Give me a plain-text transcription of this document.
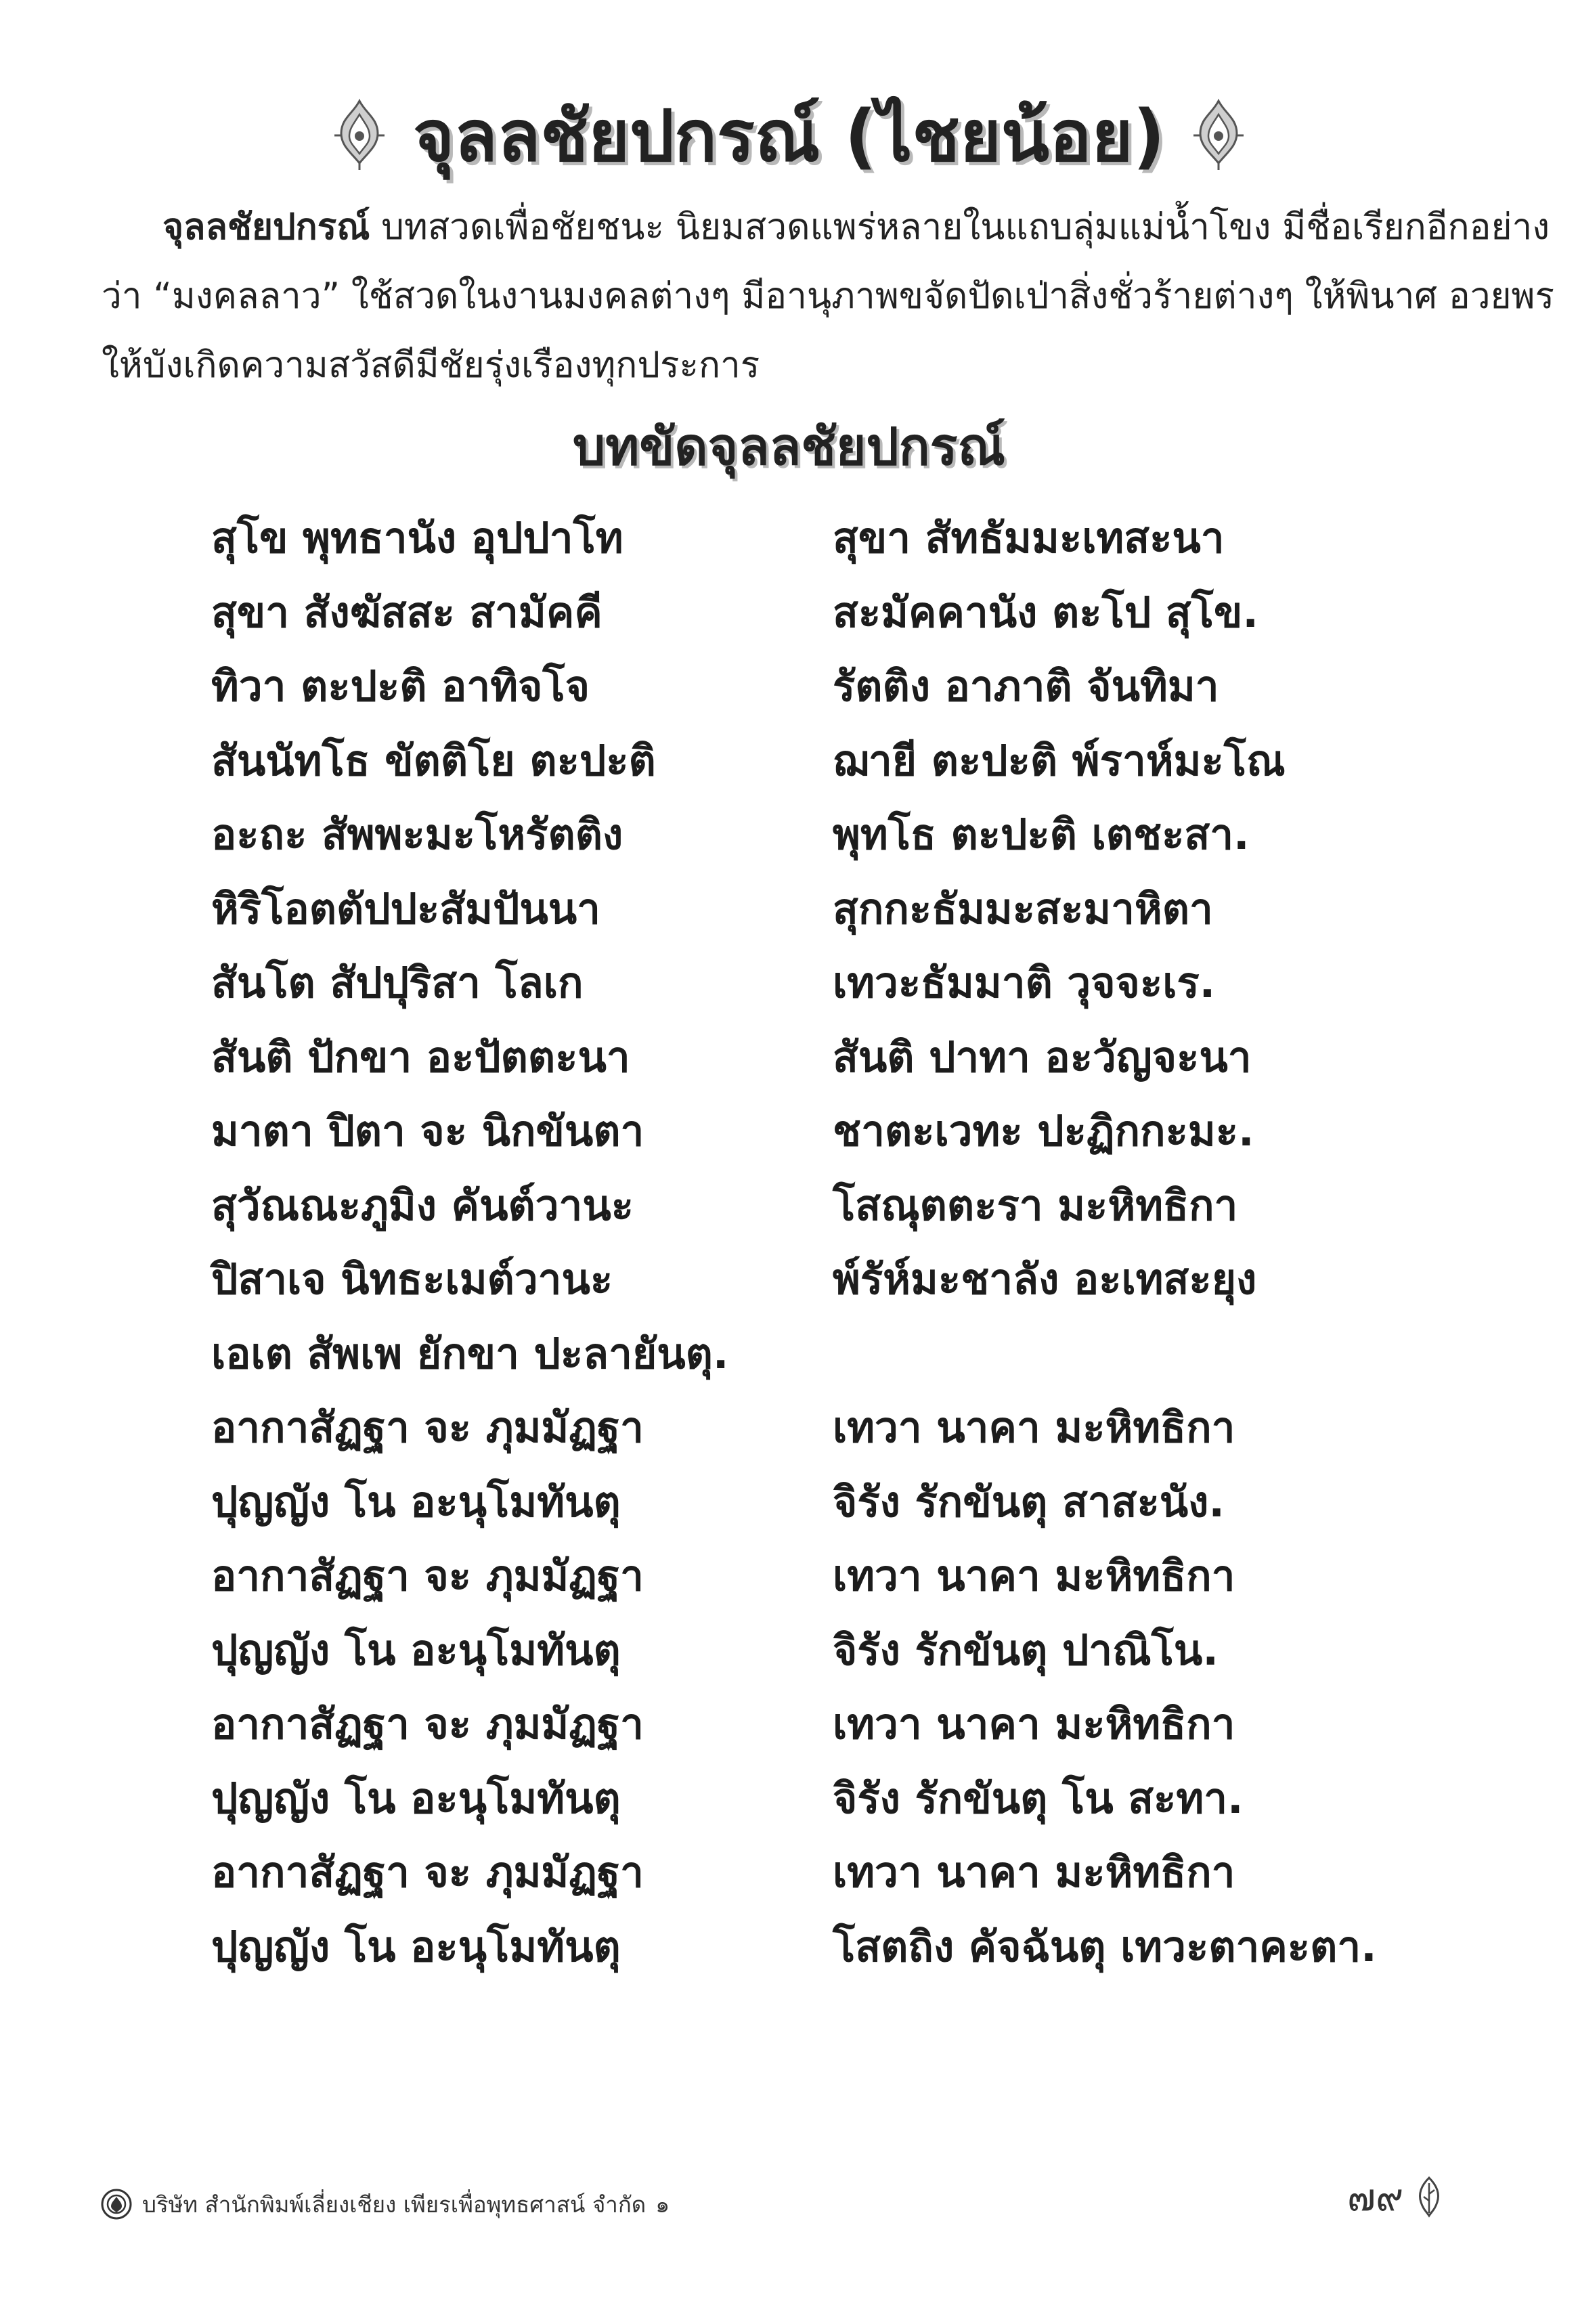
จุลลชัยปกรณ์ (ไชยน้อย)

จุลลชัยปกรณ์ บทสวดเพื่อชัยชนะ นิยมสวดแพร่หลายในแถบลุ่มแม่น้ำโขง มีชื่อเรียกอีกอย่าง

ว่า “มงคลลาว” ใช้สวดในงานมงคลต่างๆ มีอานุภาพขจัดปัดเป่าสิ่งชั่วร้ายต่างๆ ให้พินาศ อวยพร

ให้บังเกิดความสวัสดีมีชัยรุ่งเรืองทุกประการ

บทขัดจุลลชัยปกรณ์
สุโข พุทธานัง อุปปาโท	สุขา สัทธัมมะเทสะนา
สุขา สังฆัสสะ สามัคคี	สะมัคคานัง ตะโป สุโข.
ทิวา ตะปะติ อาทิจโจ	รัตติง อาภาติ จันทิมา
สันนัทโธ ขัตติโย ตะปะติ	ฌายี ตะปะติ พ์ราห์มะโณ
อะถะ สัพพะมะโหรัตติง	พุทโธ ตะปะติ เตชะสา.
หิริโอตตัปปะสัมปันนา	สุกกะธัมมะสะมาหิตา
สันโต สัปปุริสา โลเก	เทวะธัมมาติ วุจจะเร.
สันติ ปักขา อะปัตตะนา	สันติ ปาทา อะวัญจะนา
มาตา ปิตา จะ นิกขันตา	ชาตะเวทะ ปะฏิกกะมะ.
สุวัณณะภูมิง คันต์วานะ	โสณุตตะรา มะหิทธิกา
ปิสาเจ นิทธะเมต์วานะ	พ์รัห์มะชาลัง อะเทสะยุง
เอเต สัพเพ ยักขา ปะลายันตุ.
อากาสัฏฐา จะ ภุมมัฏฐา	เทวา นาคา มะหิทธิกา
ปุญญัง โน อะนุโมทันตุ	จิรัง รักขันตุ สาสะนัง.
อากาสัฏฐา จะ ภุมมัฏฐา	เทวา นาคา มะหิทธิกา
ปุญญัง โน อะนุโมทันตุ	จิรัง รักขันตุ ปาณิโน.
อากาสัฏฐา จะ ภุมมัฏฐา	เทวา นาคา มะหิทธิกา
ปุญญัง โน อะนุโมทันตุ	จิรัง รักขันตุ โน สะทา.
อากาสัฏฐา จะ ภุมมัฏฐา	เทวา นาคา มะหิทธิกา
ปุญญัง โน อะนุโมทันตุ	โสตถิง คัจฉันตุ เทวะตาคะตา.
บริษัท สำนักพิมพ์เลี่ยงเชียง เพียรเพื่อพุทธศาสน์ จำกัด ๑	๗๙
